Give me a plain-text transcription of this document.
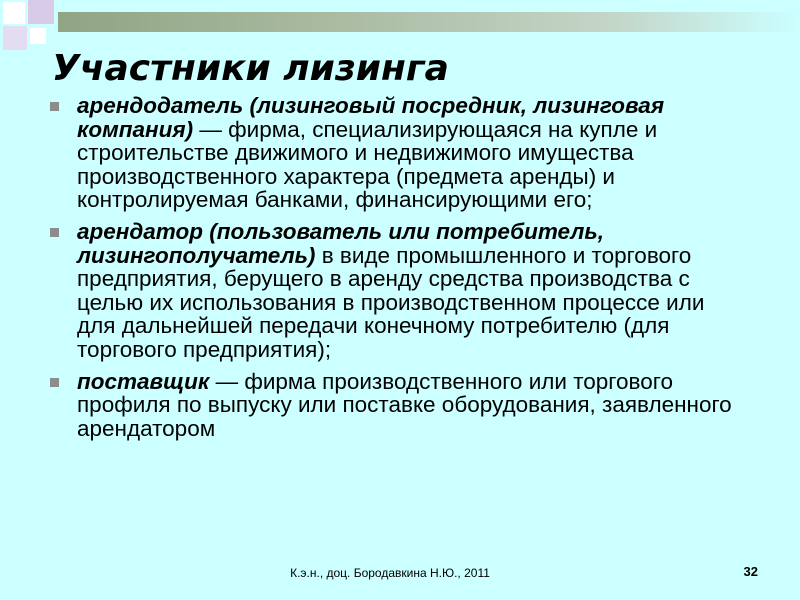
Участники лизинга
арендодатель (лизинговый посредник, лизинговая компания) — фирма, специализирующаяся на купле и строительстве движимого и недвижимого имущества производственного характера (предмета аренды) и контролируемая банками, финансирующими его;
арендатор (пользователь или потребитель, лизингополучатель) в виде промышленного и торгового предприятия, берущего в аренду средства производства с целью их использования в производственном процессе или для дальнейшей передачи конечному потребителю (для торгового предприятия);
поставщик — фирма производственного или торгового профиля по выпуску или поставке оборудования, заявленного арендатором
К.э.н., доц. Бородавкина Н.Ю., 2011	32
